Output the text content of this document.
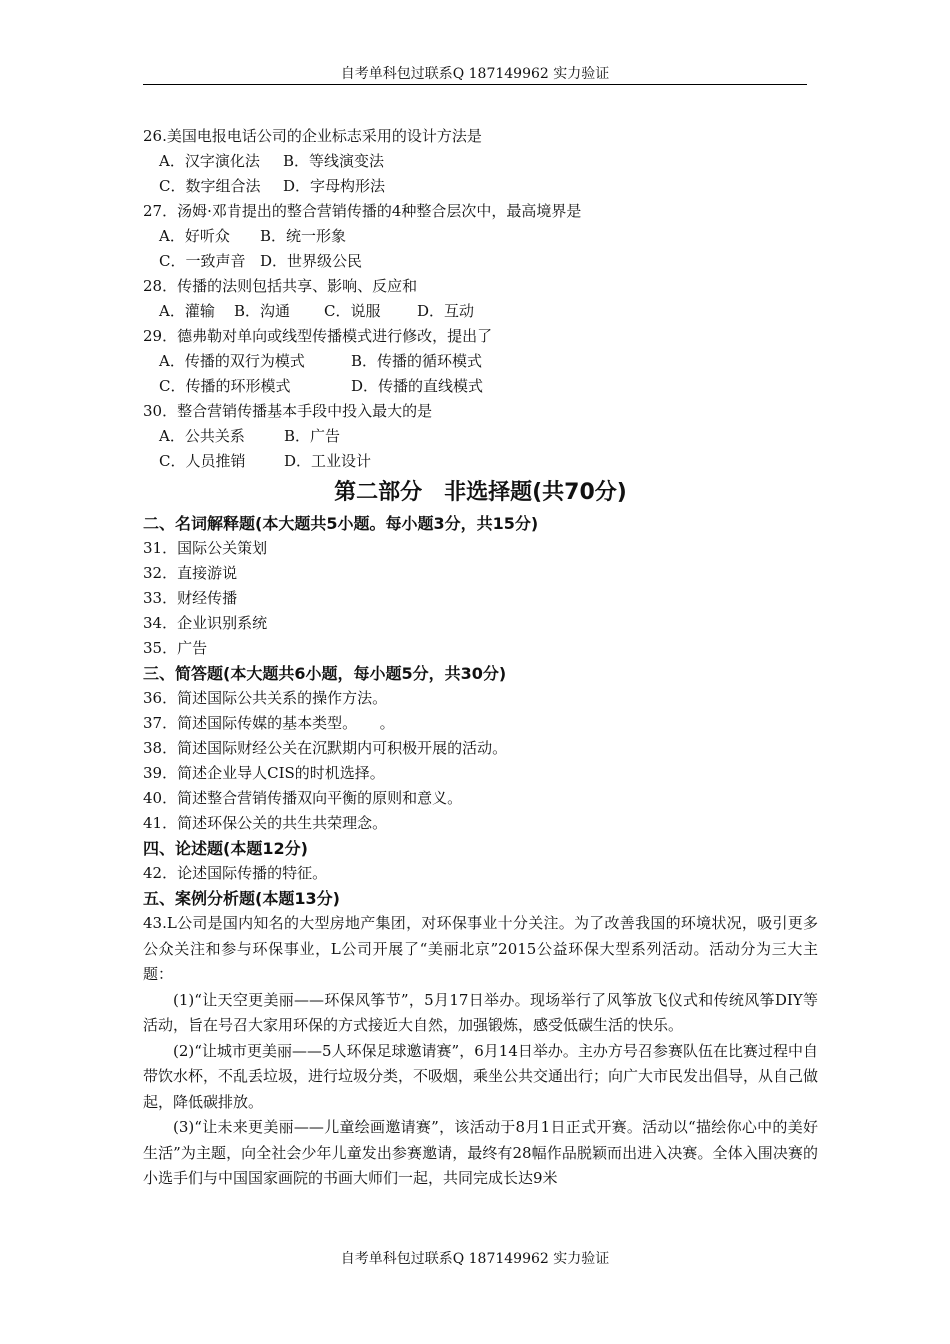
自考单科包过联系Q 187149962 实力验证
26.美国电报电话公司的企业标志采用的设计方法是
A．汉字演化法 B．等线演变法
C．数字组合法 D．字母构形法
27．汤姆·邓肯提出的整合营销传播的4种整合层次中，最高境界是
A．好听众 B．统一形象
C．一致声音 D．世界级公民
28．传播的法则包括共享、影响、反应和
A．灌输 B．沟通 C．说服 D．互动
29．德弗勒对单向或线型传播模式进行修改，提出了
A．传播的双行为模式	B．传播的循环模式
C．传播的环形模式	D．传播的直线模式
30．整合营销传播基本手段中投入最大的是
A．公共关系	B．广告
C．人员推销	D．工业设计
第二部分　非选择题(共70分)
二、名词解释题(本大题共5小题。每小题3分，共15分)
31．国际公关策划
32．直接游说
33．财经传播
34．企业识别系统
35．广告
三、简答题(本大题共6小题，每小题5分，共30分)
36．简述国际公共关系的操作方法。
37．简述国际传媒的基本类型。　　。
38．简述国际财经公关在沉默期内可积极开展的活动。
39．简述企业导人CIS的时机选择。
40．简述整合营销传播双向平衡的原则和意义。
41．简述环保公关的共生共荣理念。
四、论述题(本题12分)
42．论述国际传播的特征。
五、案例分析题(本题13分)
43.L公司是国内知名的大型房地产集团，对环保事业十分关注。为了改善我国的环境状况，吸引更多公众关注和参与环保事业，L公司开展了“美丽北京”2015公益环保大型系列活动。活动分为三大主题：
(1)“让天空更美丽——环保风筝节”，5月17日举办。现场举行了风筝放飞仪式和传统风筝DIY等活动，旨在号召大家用环保的方式接近大自然，加强锻炼，感受低碳生活的快乐。
(2)“让城市更美丽——5人环保足球邀请赛”，6月14日举办。主办方号召参赛队伍在比赛过程中自带饮水杯，不乱丢垃圾，进行垃圾分类，不吸烟，乘坐公共交通出行；向广大市民发出倡导，从自己做起，降低碳排放。
(3)“让未来更美丽——儿童绘画邀请赛”，该活动于8月1日正式开赛。活动以“描绘你心中的美好生活”为主题，向全社会少年儿童发出参赛邀请，最终有28幅作品脱颖而出进入决赛。全体入围决赛的小选手们与中国国家画院的书画大师们一起，共同完成长达9米
自考单科包过联系Q 187149962 实力验证
